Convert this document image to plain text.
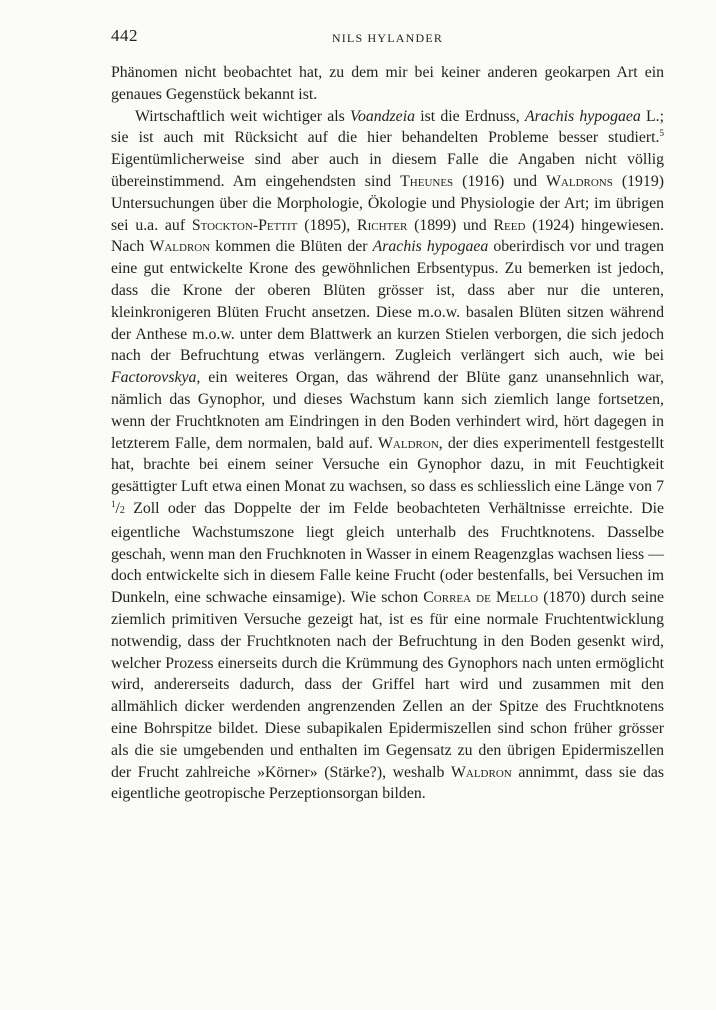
442	NILS HYLANDER

Phänomen nicht beobachtet hat, zu dem mir bei keiner anderen geokarpen Art ein genaues Gegenstück bekannt ist.

Wirtschaftlich weit wichtiger als Voandzeia ist die Erdnuss, Arachis hypogaea L.; sie ist auch mit Rücksicht auf die hier behandelten Probleme besser studiert.$^5$ Eigentümlicherweise sind aber auch in diesem Falle die Angaben nicht völlig übereinstimmend. Am eingehendsten sind Theunes (1916) und Waldrons (1919) Untersuchungen über die Morphologie, Ökologie und Physiologie der Art; im übrigen sei u.a. auf Stockton-Pettit (1895), Richter (1899) und Reed (1924) hingewiesen. Nach Waldron kommen die Blüten der Arachis hypogaea oberirdisch vor und tragen eine gut entwickelte Krone des gewöhnlichen Erbsentypus. Zu bemerken ist jedoch, dass die Krone der oberen Blüten grösser ist, dass aber nur die unteren, kleinkronigeren Blüten Frucht ansetzen. Diese m.o.w. basalen Blüten sitzen während der Anthese m.o.w. unter dem Blattwerk an kurzen Stielen verborgen, die sich jedoch nach der Befruchtung etwas verlängern. Zugleich verlängert sich auch, wie bei Factorovskya, ein weiteres Organ, das während der Blüte ganz unansehnlich war, nämlich das Gynophor, und dieses Wachstum kann sich ziemlich lange fortsetzen, wenn der Fruchtknoten am Eindringen in den Boden verhindert wird, hört dagegen in letzterem Falle, dem normalen, bald auf. Waldron, der dies experimentell festgestellt hat, brachte bei einem seiner Versuche ein Gynophor dazu, in mit Feuchtigkeit gesättigter Luft etwa einen Monat zu wachsen, so dass es schliesslich eine Länge von 7 $^1$/2 Zoll oder das Doppelte der im Felde beobachteten Verhältnisse erreichte. Die eigentliche Wachstumszone liegt gleich unterhalb des Fruchtknotens. Dasselbe geschah, wenn man den Fruchknoten in Wasser in einem Reagenzglas wachsen liess — doch entwickelte sich in diesem Falle keine Frucht (oder bestenfalls, bei Versuchen im Dunkeln, eine schwache einsamige). Wie schon Correa de Mello (1870) durch seine ziemlich primitiven Versuche gezeigt hat, ist es für eine normale Fruchtentwicklung notwendig, dass der Fruchtknoten nach der Befruchtung in den Boden gesenkt wird, welcher Prozess einerseits durch die Krümmung des Gynophors nach unten ermöglicht wird, andererseits dadurch, dass der Griffel hart wird und zusammen mit den allmählich dicker werdenden angrenzenden Zellen an der Spitze des Fruchtknotens eine Bohrspitze bildet. Diese subapikalen Epidermiszellen sind schon früher grösser als die sie umgebenden und enthalten im Gegensatz zu den übrigen Epidermiszellen der Frucht zahlreiche »Körner» (Stärke?), weshalb Waldron annimmt, dass sie das eigentliche geotropische Perzeptionsorgan bilden.
